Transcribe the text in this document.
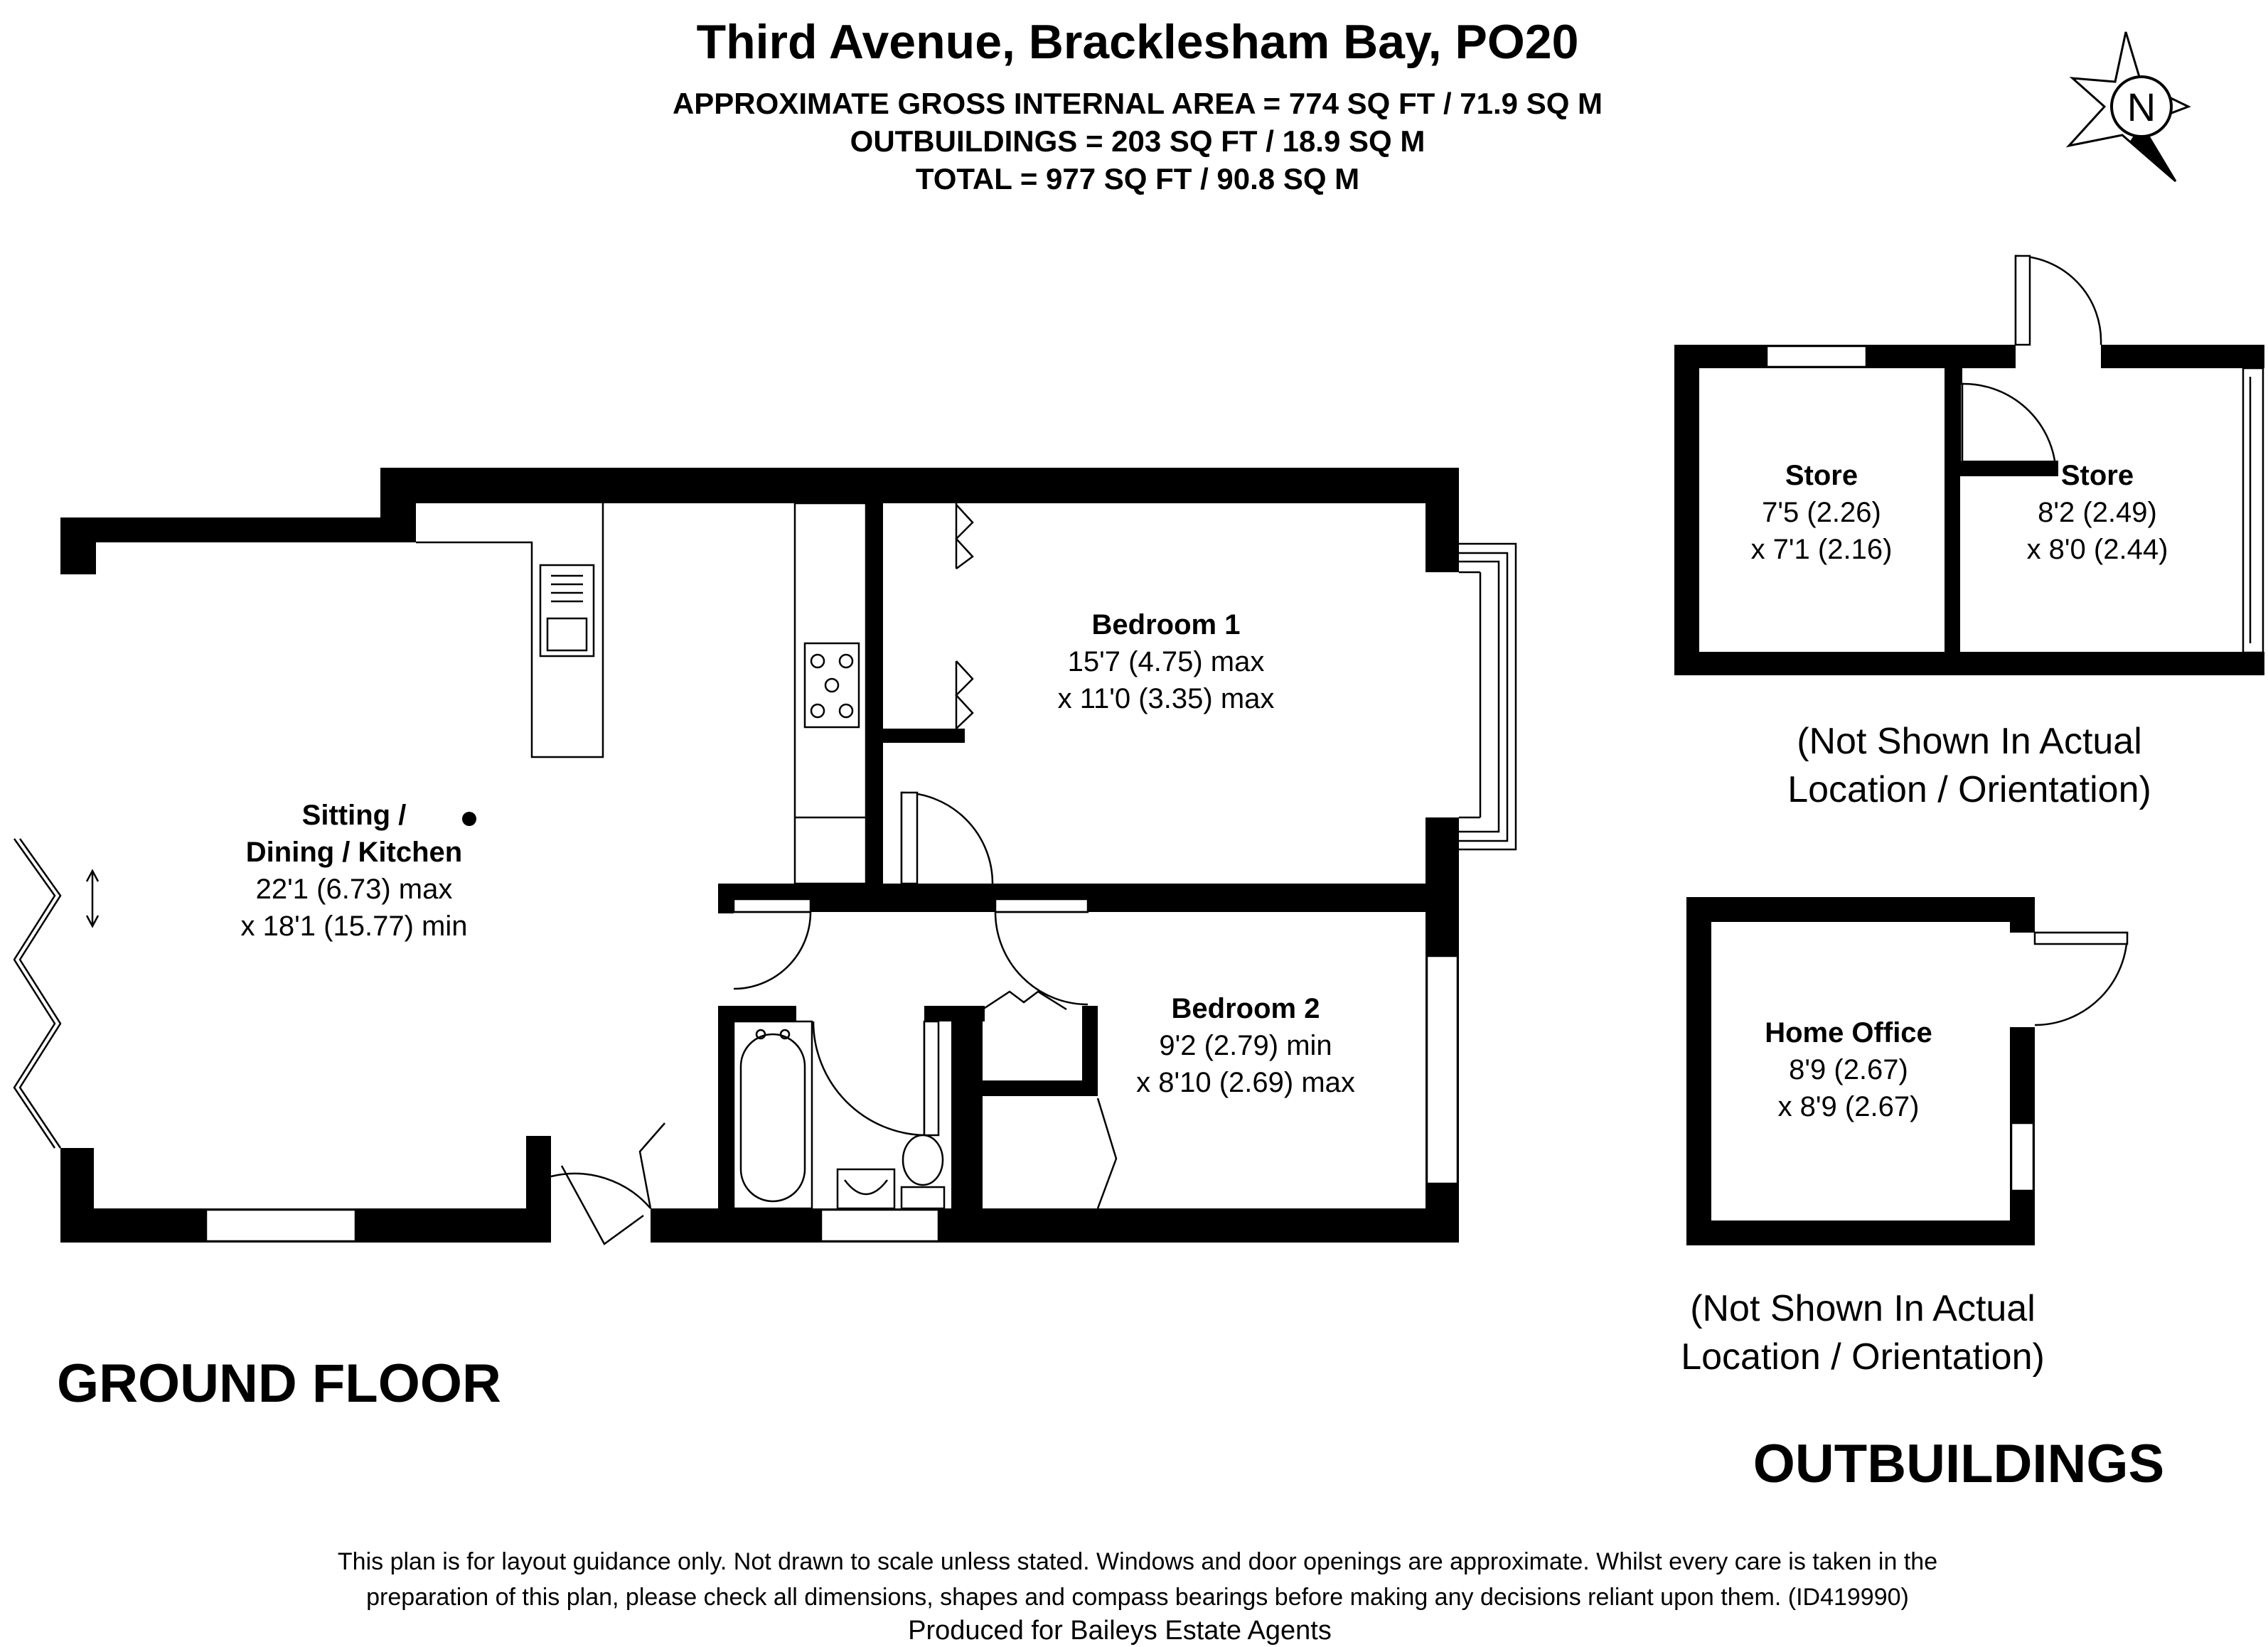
Third Avenue, Bracklesham Bay, PO20
APPROXIMATE GROSS INTERNAL AREA = 774 SQ FT / 71.9 SQ M
OUTBUILDINGS = 203 SQ FT / 18.9 SQ M
TOTAL = 977 SQ FT / 90.8 SQ M
N
Sitting /
Dining / Kitchen
22'1 (6.73) max
x 18'1 (15.77) min
Bedroom 1
15'7 (4.75) max
x 11'0 (3.35) max
Bedroom 2
9'2 (2.79) min
x 8'10 (2.69) max
GROUND FLOOR
Store
7'5 (2.26)
x 7'1 (2.16)
Store
8'2 (2.49)
x 8'0 (2.44)
(Not Shown In Actual
Location / Orientation)
Home Office
8'9 (2.67)
x 8'9 (2.67)
(Not Shown In Actual
Location / Orientation)
OUTBUILDINGS
This plan is for layout guidance only. Not drawn to scale unless stated. Windows and door openings are approximate. Whilst every care is taken in the
preparation of this plan, please check all dimensions, shapes and compass bearings before making any decisions reliant upon them. (ID419990)
Produced for Baileys Estate Agents
